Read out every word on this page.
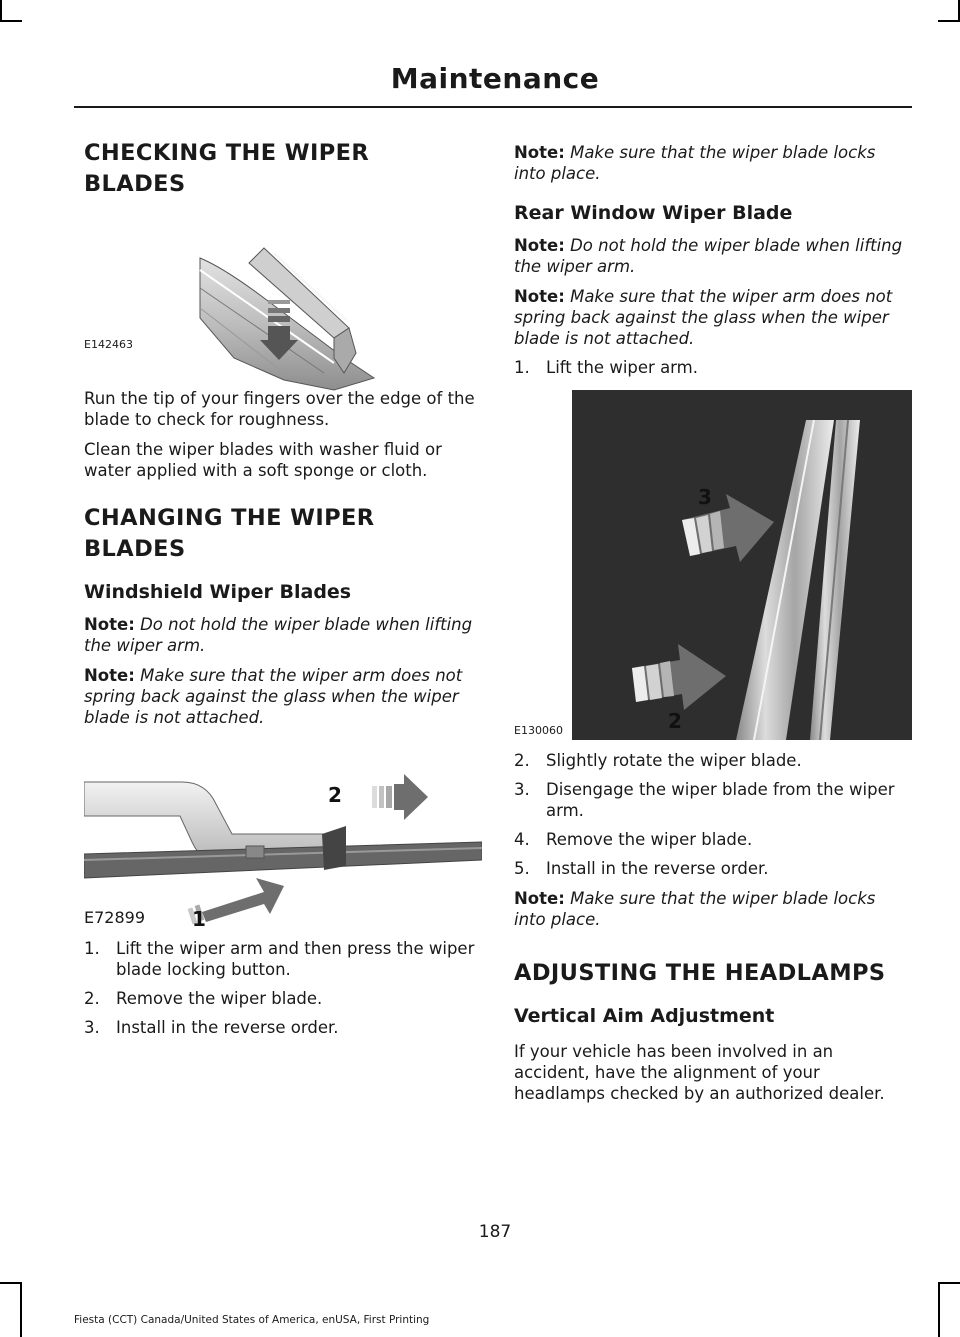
Maintenance
CHECKING THE WIPER BLADES
E142463

Run the tip of your fingers over the edge of the blade to check for roughness.

Clean the wiper blades with washer fluid or water applied with a soft sponge or cloth.

CHANGING THE WIPER BLADES
Windshield Wiper Blades

Note: Do not hold the wiper blade when lifting the wiper arm.

Note: Make sure that the wiper arm does not spring back against the glass when the wiper blade is not attached.

2
1
E72899
1. Lift the wiper arm and then press the wiper blade locking button.
2. Remove the wiper blade.
3. Install in the reverse order.

Note: Make sure that the wiper blade locks into place.

Rear Window Wiper Blade

Note: Do not hold the wiper blade when lifting the wiper arm.

Note: Make sure that the wiper arm does not spring back against the glass when the wiper blade is not attached.

1. Lift the wiper arm.
3
2
E130060
2. Slightly rotate the wiper blade.
3. Disengage the wiper blade from the wiper arm.
4. Remove the wiper blade.
5. Install in the reverse order.

Note: Make sure that the wiper blade locks into place.

ADJUSTING THE HEADLAMPS
Vertical Aim Adjustment

If your vehicle has been involved in an accident, have the alignment of your headlamps checked by an authorized dealer.

187
Fiesta (CCT) Canada/United States of America, enUSA, First Printing
